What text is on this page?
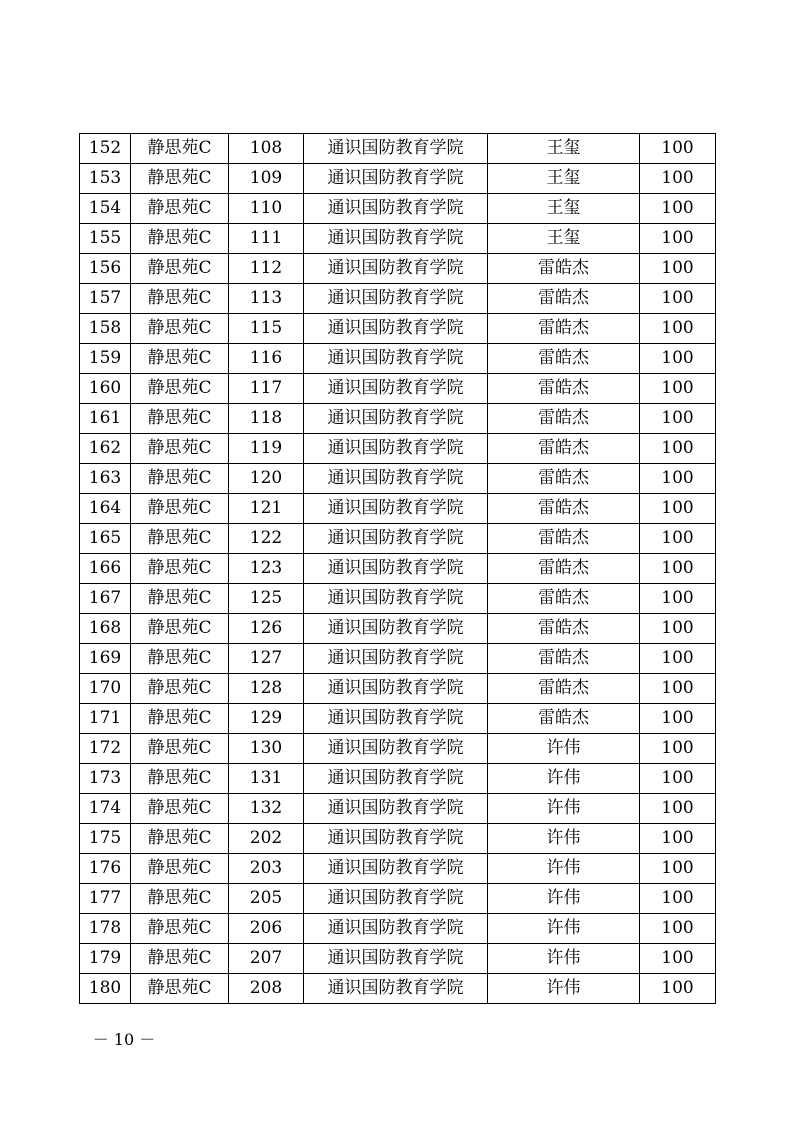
152	静思苑C	108	通识国防教育学院	王玺	100
153	静思苑C	109	通识国防教育学院	王玺	100
154	静思苑C	110	通识国防教育学院	王玺	100
155	静思苑C	111	通识国防教育学院	王玺	100
156	静思苑C	112	通识国防教育学院	雷皓杰	100
157	静思苑C	113	通识国防教育学院	雷皓杰	100
158	静思苑C	115	通识国防教育学院	雷皓杰	100
159	静思苑C	116	通识国防教育学院	雷皓杰	100
160	静思苑C	117	通识国防教育学院	雷皓杰	100
161	静思苑C	118	通识国防教育学院	雷皓杰	100
162	静思苑C	119	通识国防教育学院	雷皓杰	100
163	静思苑C	120	通识国防教育学院	雷皓杰	100
164	静思苑C	121	通识国防教育学院	雷皓杰	100
165	静思苑C	122	通识国防教育学院	雷皓杰	100
166	静思苑C	123	通识国防教育学院	雷皓杰	100
167	静思苑C	125	通识国防教育学院	雷皓杰	100
168	静思苑C	126	通识国防教育学院	雷皓杰	100
169	静思苑C	127	通识国防教育学院	雷皓杰	100
170	静思苑C	128	通识国防教育学院	雷皓杰	100
171	静思苑C	129	通识国防教育学院	雷皓杰	100
172	静思苑C	130	通识国防教育学院	许伟	100
173	静思苑C	131	通识国防教育学院	许伟	100
174	静思苑C	132	通识国防教育学院	许伟	100
175	静思苑C	202	通识国防教育学院	许伟	100
176	静思苑C	203	通识国防教育学院	许伟	100
177	静思苑C	205	通识国防教育学院	许伟	100
178	静思苑C	206	通识国防教育学院	许伟	100
179	静思苑C	207	通识国防教育学院	许伟	100
180	静思苑C	208	通识国防教育学院	许伟	100
－ 10 －
